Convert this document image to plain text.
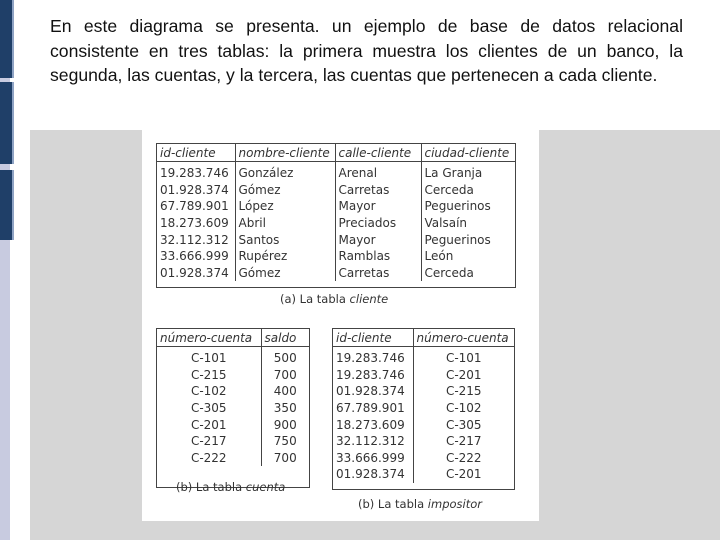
En este diagrama se presenta. un ejemplo de base de datos relacional consistente en tres tablas: la primera muestra los clientes de un banco, la segunda, las cuentas, y la tercera, las cuentas que pertenecen a cada cliente.

id-cliente	nombre-cliente	calle-cliente	ciudad-cliente
19.283.746	González	Arenal	La Granja
01.928.374	Gómez	Carretas	Cerceda
67.789.901	López	Mayor	Peguerinos
18.273.609	Abril	Preciados	Valsaín
32.112.312	Santos	Mayor	Peguerinos
33.666.999	Rupérez	Ramblas	León
01.928.374	Gómez	Carretas	Cerceda
(a) La tabla cliente
número-cuenta	saldo
C-101	500
C-215	700
C-102	400
C-305	350
C-201	900
C-217	750
C-222	700
(b) La tabla cuenta
id-cliente	número-cuenta
19.283.746	C-101
19.283.746	C-201
01.928.374	C-215
67.789.901	C-102
18.273.609	C-305
32.112.312	C-217
33.666.999	C-222
01.928.374	C-201
(b) La tabla impositor
